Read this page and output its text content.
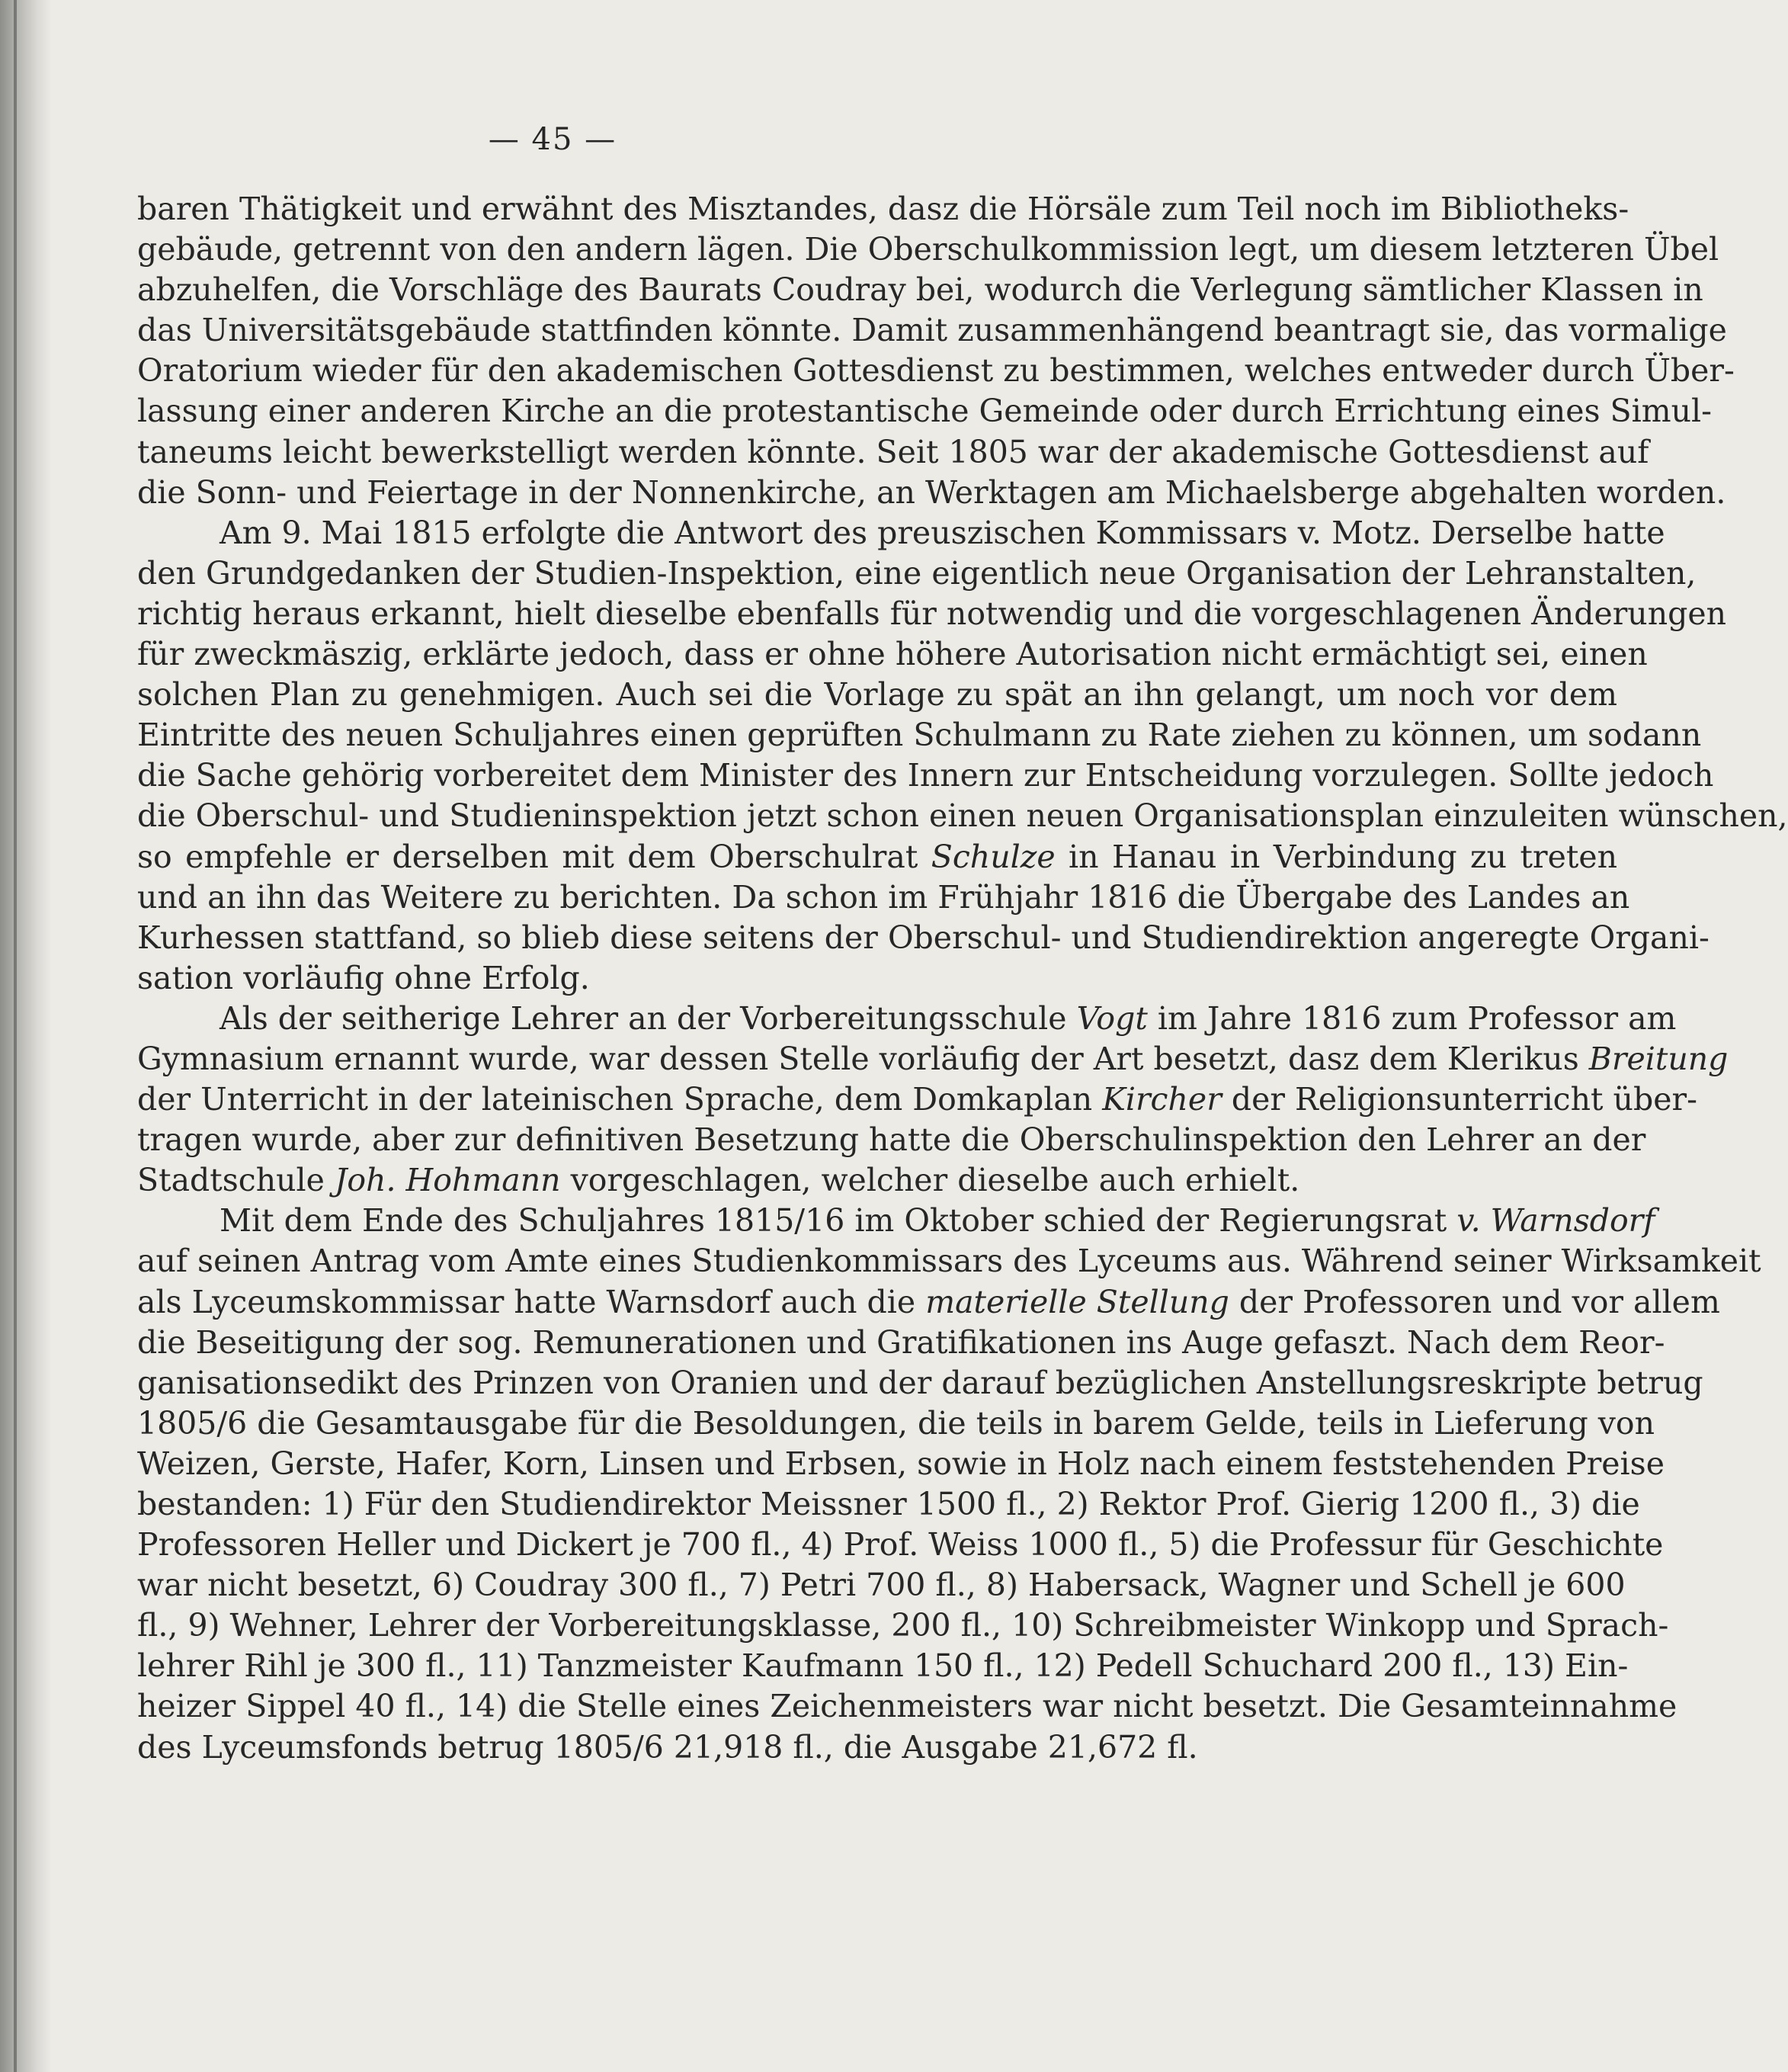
— 45 —

baren Thätigkeit und erwähnt des Misztandes, dasz die Hörsäle zum Teil noch im Bibliotheks-

gebäude, getrennt von den andern lägen. Die Oberschulkommission legt, um diesem letzteren Übel

abzuhelfen, die Vorschläge des Baurats Coudray bei, wodurch die Verlegung sämtlicher Klassen in

das Universitätsgebäude stattfinden könnte. Damit zusammenhängend beantragt sie, das vormalige

Oratorium wieder für den akademischen Gottesdienst zu bestimmen, welches entweder durch Über-

lassung einer anderen Kirche an die protestantische Gemeinde oder durch Errichtung eines Simul-

taneums leicht bewerkstelligt werden könnte. Seit 1805 war der akademische Gottesdienst auf

die Sonn- und Feiertage in der Nonnenkirche, an Werktagen am Michaelsberge abgehalten worden.

Am 9. Mai 1815 erfolgte die Antwort des preuszischen Kommissars v. Motz. Derselbe hatte

den Grundgedanken der Studien-Inspektion, eine eigentlich neue Organisation der Lehranstalten,

richtig heraus erkannt, hielt dieselbe ebenfalls für notwendig und die vorgeschlagenen Änderungen

für zweckmäszig, erklärte jedoch, dass er ohne höhere Autorisation nicht ermächtigt sei, einen

solchen Plan zu genehmigen. Auch sei die Vorlage zu spät an ihn gelangt, um noch vor dem

Eintritte des neuen Schuljahres einen geprüften Schulmann zu Rate ziehen zu können, um sodann

die Sache gehörig vorbereitet dem Minister des Innern zur Entscheidung vorzulegen. Sollte jedoch

die Oberschul- und Studieninspektion jetzt schon einen neuen Organisationsplan einzuleiten wünschen,

so empfehle er derselben mit dem Oberschulrat Schulze in Hanau in Verbindung zu treten

und an ihn das Weitere zu berichten. Da schon im Frühjahr 1816 die Übergabe des Landes an

Kurhessen stattfand, so blieb diese seitens der Oberschul- und Studiendirektion angeregte Organi-

sation vorläufig ohne Erfolg.

Als der seitherige Lehrer an der Vorbereitungsschule Vogt im Jahre 1816 zum Professor am

Gymnasium ernannt wurde, war dessen Stelle vorläufig der Art besetzt, dasz dem Klerikus Breitung

der Unterricht in der lateinischen Sprache, dem Domkaplan Kircher der Religionsunterricht über-

tragen wurde, aber zur definitiven Besetzung hatte die Oberschulinspektion den Lehrer an der

Stadtschule Joh. Hohmann vorgeschlagen, welcher dieselbe auch erhielt.

Mit dem Ende des Schuljahres 1815/16 im Oktober schied der Regierungsrat v. Warnsdorf

auf seinen Antrag vom Amte eines Studienkommissars des Lyceums aus. Während seiner Wirksamkeit

als Lyceumskommissar hatte Warnsdorf auch die materielle Stellung der Professoren und vor allem

die Beseitigung der sog. Remunerationen und Gratifikationen ins Auge gefaszt. Nach dem Reor-

ganisationsedikt des Prinzen von Oranien und der darauf bezüglichen Anstellungsreskripte betrug

1805/6 die Gesamtausgabe für die Besoldungen, die teils in barem Gelde, teils in Lieferung von

Weizen, Gerste, Hafer, Korn, Linsen und Erbsen, sowie in Holz nach einem feststehenden Preise

bestanden: 1) Für den Studiendirektor Meissner 1500 fl., 2) Rektor Prof. Gierig 1200 fl., 3) die

Professoren Heller und Dickert je 700 fl., 4) Prof. Weiss 1000 fl., 5) die Professur für Geschichte

war nicht besetzt, 6) Coudray 300 fl., 7) Petri 700 fl., 8) Habersack, Wagner und Schell je 600

fl., 9) Wehner, Lehrer der Vorbereitungsklasse, 200 fl., 10) Schreibmeister Winkopp und Sprach-

lehrer Rihl je 300 fl., 11) Tanzmeister Kaufmann 150 fl., 12) Pedell Schuchard 200 fl., 13) Ein-

heizer Sippel 40 fl., 14) die Stelle eines Zeichenmeisters war nicht besetzt. Die Gesamteinnahme

des Lyceumsfonds betrug 1805/6 21,918 fl., die Ausgabe 21,672 fl.
